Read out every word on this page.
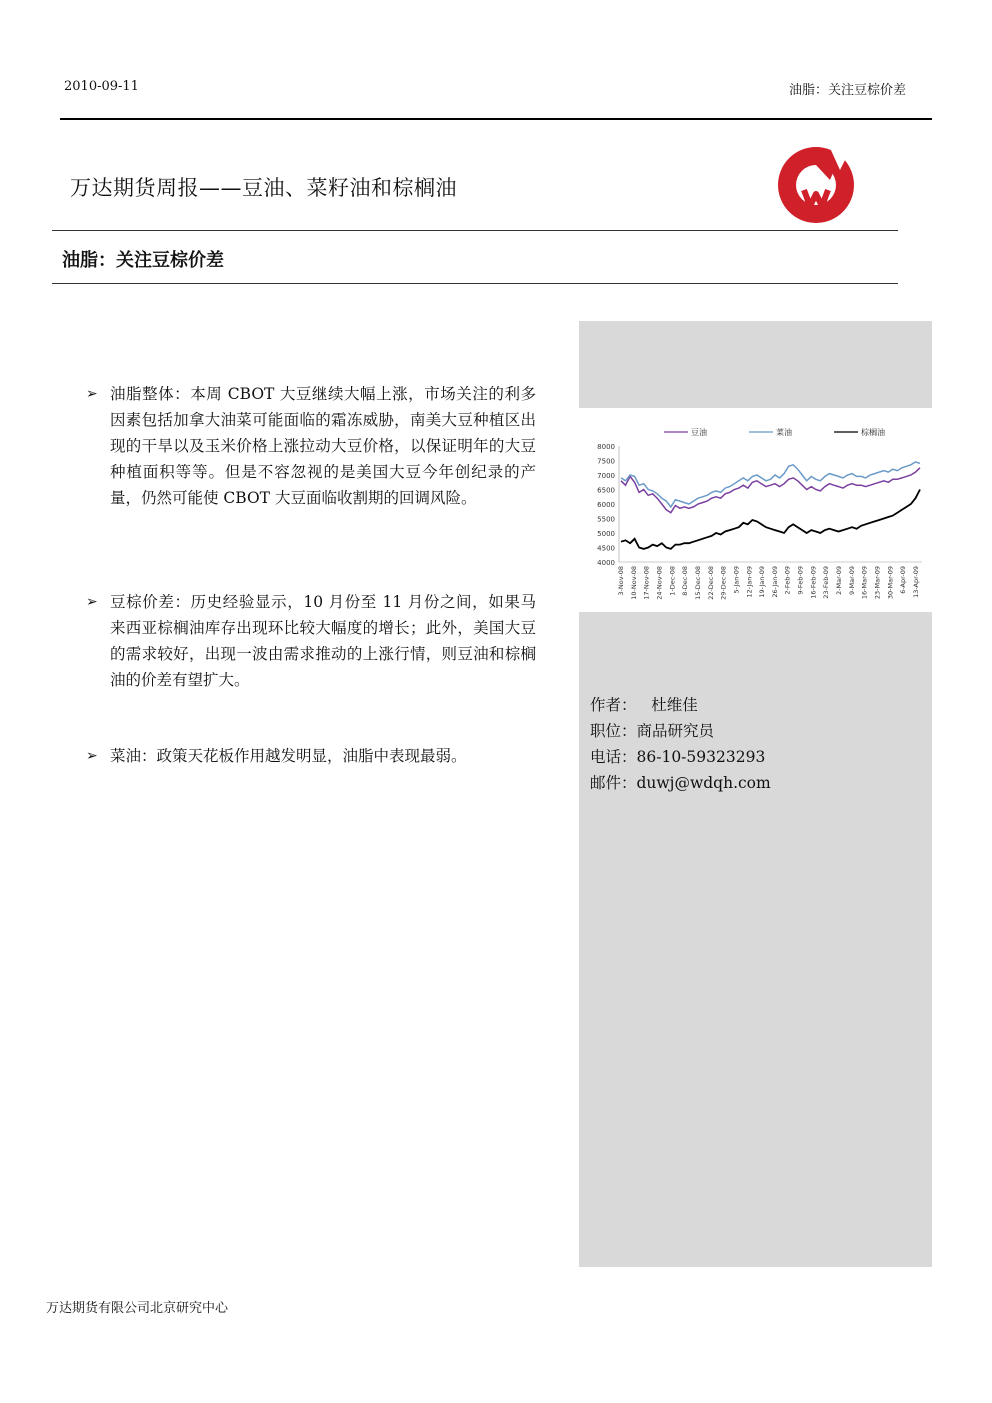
2010-09-11	油脂：关注豆棕价差
万达期货周报——豆油、菜籽油和棕榈油
油脂：关注豆棕价差
8000
7500
7000
6500
6000
5500
5000
4500
4000
3-Nov-08 10-Nov-08 17-Nov-08 24-Nov-08 1-Dec-08 8-Dec-08 15-Dec-08 22-Dec-08 29-Dec-08 5-Jan-09 12-Jan-09 19-Jan-09 26-Jan-09 2-Feb-09 9-Feb-09 16-Feb-09 23-Feb-09 2-Mar-09 9-Mar-09 16-Mar-09 23-Mar-09 30-Mar-09 6-Apr-09 13-Apr-09
豆油	菜油	棕榈油
➢ 油脂整体：本周 CBOT 大豆继续大幅上涨，市场关注的利多因素包括加拿大油菜可能面临的霜冻威胁，南美大豆种植区出现的干旱以及玉米价格上涨拉动大豆价格，以保证明年的大豆种植面积等等。但是不容忽视的是美国大豆今年创纪录的产量，仍然可能使 CBOT 大豆面临收割期的回调风险。
➢ 豆棕价差：历史经验显示，10 月份至 11 月份之间，如果马来西亚棕榈油库存出现环比较大幅度的增长；此外，美国大豆的需求较好，出现一波由需求推动的上涨行情，则豆油和棕榈油的价差有望扩大。
➢ 菜油：政策天花板作用越发明显，油脂中表现最弱。
作者：   杜维佳
职位：商品研究员
电话：86-10-59323293
邮件：duwj@wdqh.com
万达期货有限公司北京研究中心
